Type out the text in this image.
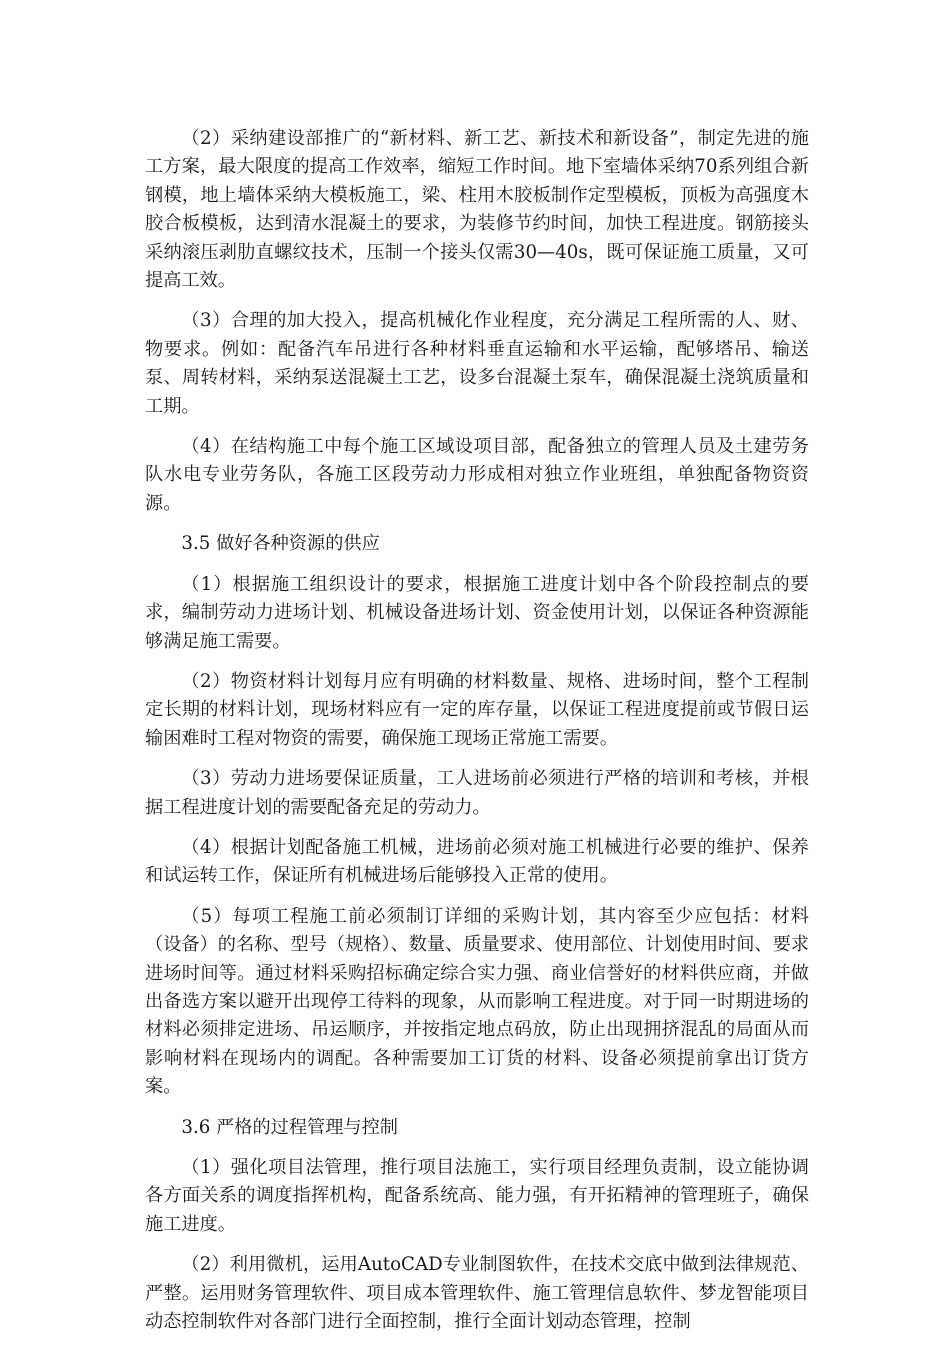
（2）采纳建设部推广的“新材料、新工艺、新技术和新设备”，制定先进的施工方案，最大限度的提高工作效率，缩短工作时间。地下室墙体采纳70系列组合新钢模，地上墙体采纳大模板施工，梁、柱用木胶板制作定型模板，顶板为高强度木胶合板模板，达到清水混凝土的要求，为装修节约时间，加快工程进度。钢筋接头采纳滚压剥肋直螺纹技术，压制一个接头仅需30—40s，既可保证施工质量，又可提高工效。

（3）合理的加大投入，提高机械化作业程度，充分满足工程所需的人、财、物要求。例如：配备汽车吊进行各种材料垂直运输和水平运输，配够塔吊、输送泵、周转材料，采纳泵送混凝土工艺，设多台混凝土泵车，确保混凝土浇筑质量和工期。

（4）在结构施工中每个施工区域设项目部，配备独立的管理人员及土建劳务队水电专业劳务队，各施工区段劳动力形成相对独立作业班组，单独配备物资资源。

3.5 做好各种资源的供应

（1）根据施工组织设计的要求，根据施工进度计划中各个阶段控制点的要求，编制劳动力进场计划、机械设备进场计划、资金使用计划，以保证各种资源能够满足施工需要。

（2）物资材料计划每月应有明确的材料数量、规格、进场时间，整个工程制定长期的材料计划，现场材料应有一定的库存量，以保证工程进度提前或节假日运输困难时工程对物资的需要，确保施工现场正常施工需要。

（3）劳动力进场要保证质量，工人进场前必须进行严格的培训和考核，并根据工程进度计划的需要配备充足的劳动力。

（4）根据计划配备施工机械，进场前必须对施工机械进行必要的维护、保养和试运转工作，保证所有机械进场后能够投入正常的使用。

（5）每项工程施工前必须制订详细的采购计划，其内容至少应包括：材料（设备）的名称、型号（规格）、数量、质量要求、使用部位、计划使用时间、要求进场时间等。通过材料采购招标确定综合实力强、商业信誉好的材料供应商，并做出备选方案以避开出现停工待料的现象，从而影响工程进度。对于同一时期进场的材料必须排定进场、吊运顺序，并按指定地点码放，防止出现拥挤混乱的局面从而影响材料在现场内的调配。各种需要加工订货的材料、设备必须提前拿出订货方案。

3.6 严格的过程管理与控制

（1）强化项目法管理，推行项目法施工，实行项目经理负责制，设立能协调各方面关系的调度指挥机构，配备系统高、能力强，有开拓精神的管理班子，确保施工进度。

（2）利用微机，运用AutoCAD专业制图软件，在技术交底中做到法律规范、严整。运用财务管理软件、项目成本管理软件、施工管理信息软件、梦龙智能项目动态控制软件对各部门进行全面控制，推行全面计划动态管理，控制
